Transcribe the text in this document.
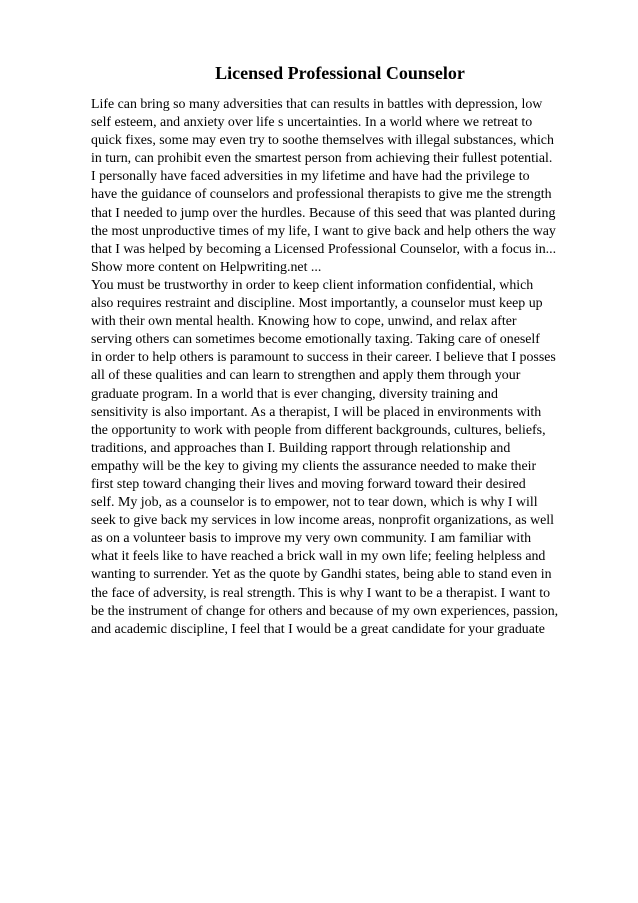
Licensed Professional Counselor
Life can bring so many adversities that can results in battles with depression, low
self esteem, and anxiety over life s uncertainties. In a world where we retreat to
quick fixes, some may even try to soothe themselves with illegal substances, which
in turn, can prohibit even the smartest person from achieving their fullest potential.
I personally have faced adversities in my lifetime and have had the privilege to
have the guidance of counselors and professional therapists to give me the strength
that I needed to jump over the hurdles. Because of this seed that was planted during
the most unproductive times of my life, I want to give back and help others the way
that I was helped by becoming a Licensed Professional Counselor, with a focus in...
Show more content on Helpwriting.net ...
You must be trustworthy in order to keep client information confidential, which
also requires restraint and discipline. Most importantly, a counselor must keep up
with their own mental health. Knowing how to cope, unwind, and relax after
serving others can sometimes become emotionally taxing. Taking care of oneself
in order to help others is paramount to success in their career. I believe that I posses
all of these qualities and can learn to strengthen and apply them through your
graduate program. In a world that is ever changing, diversity training and
sensitivity is also important. As a therapist, I will be placed in environments with
the opportunity to work with people from different backgrounds, cultures, beliefs,
traditions, and approaches than I. Building rapport through relationship and
empathy will be the key to giving my clients the assurance needed to make their
first step toward changing their lives and moving forward toward their desired
self. My job, as a counselor is to empower, not to tear down, which is why I will
seek to give back my services in low income areas, nonprofit organizations, as well
as on a volunteer basis to improve my very own community. I am familiar with
what it feels like to have reached a brick wall in my own life; feeling helpless and
wanting to surrender. Yet as the quote by Gandhi states, being able to stand even in
the face of adversity, is real strength. This is why I want to be a therapist. I want to
be the instrument of change for others and because of my own experiences, passion,
and academic discipline, I feel that I would be a great candidate for your graduate
